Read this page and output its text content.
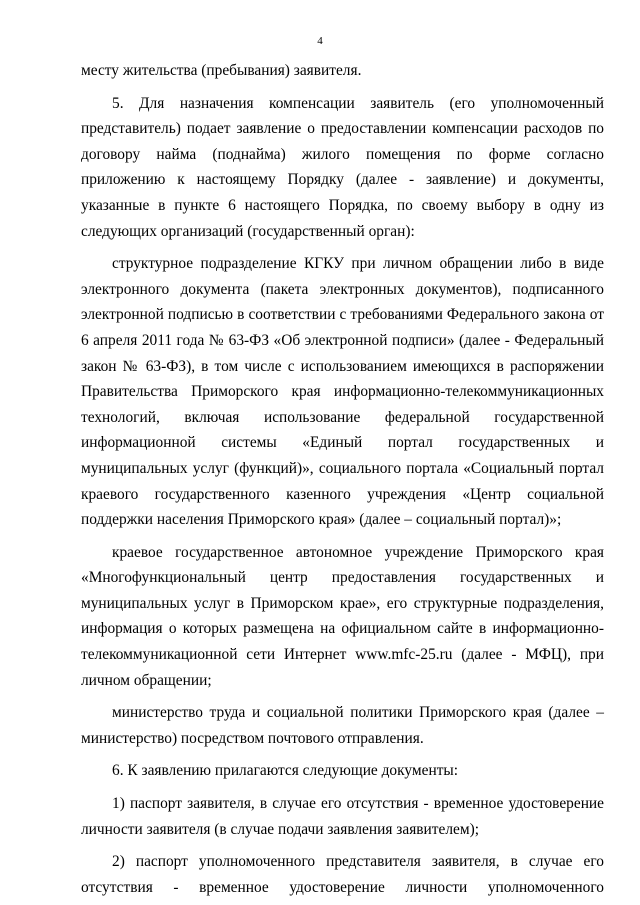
4

месту жительства (пребывания) заявителя.

5. Для назначения компенсации заявитель (его уполномоченный представитель) подает заявление о предоставлении компенсации расходов по договору найма (поднайма) жилого помещения по форме согласно приложению к настоящему Порядку (далее - заявление) и документы, указанные в пункте 6 настоящего Порядка, по своему выбору в одну из следующих организаций (государственный орган):

структурное подразделение КГКУ при личном обращении либо в виде электронного документа (пакета электронных документов), подписанного электронной подписью в соответствии с требованиями Федерального закона от 6 апреля 2011 года № 63-ФЗ «Об электронной подписи» (далее - Федеральный закон № 63-ФЗ), в том числе с использованием имеющихся в распоряжении Правительства Приморского края информационно-телекоммуникационных технологий, включая использование федеральной государственной информационной системы «Единый портал государственных и муниципальных услуг (функций)», социального портала «Социальный портал краевого государственного казенного учреждения «Центр социальной поддержки населения Приморского края» (далее – социальный портал)»;

краевое государственное автономное учреждение Приморского края «Многофункциональный центр предоставления государственных и муниципальных услуг в Приморском крае», его структурные подразделения, информация о которых размещена на официальном сайте в информационно-телекоммуникационной сети Интернет www.mfc-25.ru (далее - МФЦ), при личном обращении;

министерство труда и социальной политики Приморского края (далее – министерство) посредством почтового отправления.

6. К заявлению прилагаются следующие документы:

1) паспорт заявителя, в случае его отсутствия - временное удостоверение личности заявителя (в случае подачи заявления заявителем);

2) паспорт уполномоченного представителя заявителя, в случае его отсутствия - временное удостоверение личности уполномоченного
